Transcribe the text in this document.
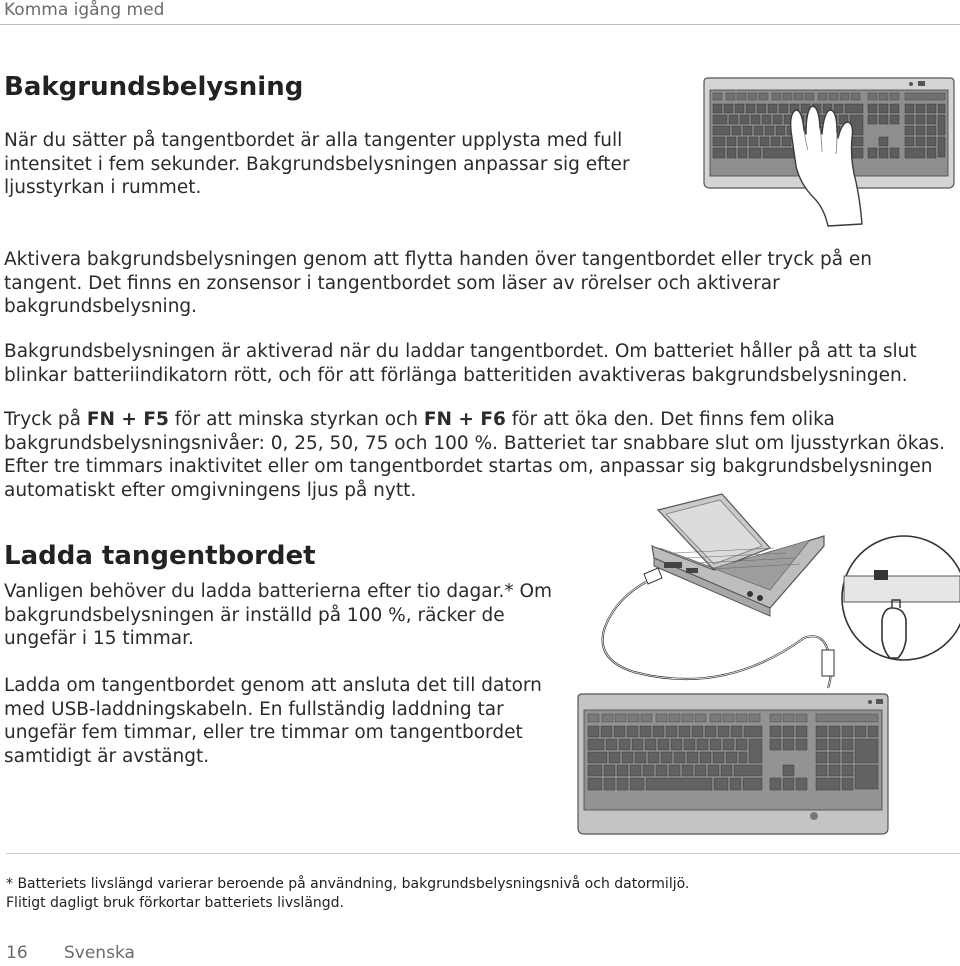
Komma igång med
Bakgrundsbelysning

När du sätter på tangentbordet är alla tangenter upplysta med full intensitet i fem sekunder. Bakgrundsbelysningen anpassar sig efter ljusstyrkan i rummet.

Aktivera bakgrundsbelysningen genom att flytta handen över tangentbordet eller tryck på en tangent. Det finns en zonsensor i tangentbordet som läser av rörelser och aktiverar bakgrundsbelysning.

Bakgrundsbelysningen är aktiverad när du laddar tangentbordet. Om batteriet håller på att ta slut blinkar batteriindikatorn rött, och för att förlänga batteritiden avaktiveras bakgrundsbelysningen.

Tryck på FN + F5 för att minska styrkan och FN + F6 för att öka den. Det finns fem olika bakgrundsbelysningsnivåer: 0, 25, 50, 75 och 100 %. Batteriet tar snabbare slut om ljusstyrkan ökas. Efter tre timmars inaktivitet eller om tangentbordet startas om, anpassar sig bakgrundsbelysningen automatiskt efter omgivningens ljus på nytt.

Ladda tangentbordet

Vanligen behöver du ladda batterierna efter tio dagar.* Om bakgrundsbelysningen är inställd på 100 %, räcker de ungefär i 15 timmar.

Ladda om tangentbordet genom att ansluta det till datorn med USB-laddningskabeln. En fullständig laddning tar ungefär fem timmar, eller tre timmar om tangentbordet samtidigt är avstängt.

* Batteriets livslängd varierar beroende på användning, bakgrundsbelysningsnivå och datormiljö.
Flitigt dagligt bruk förkortar batteriets livslängd.
16 Svenska
